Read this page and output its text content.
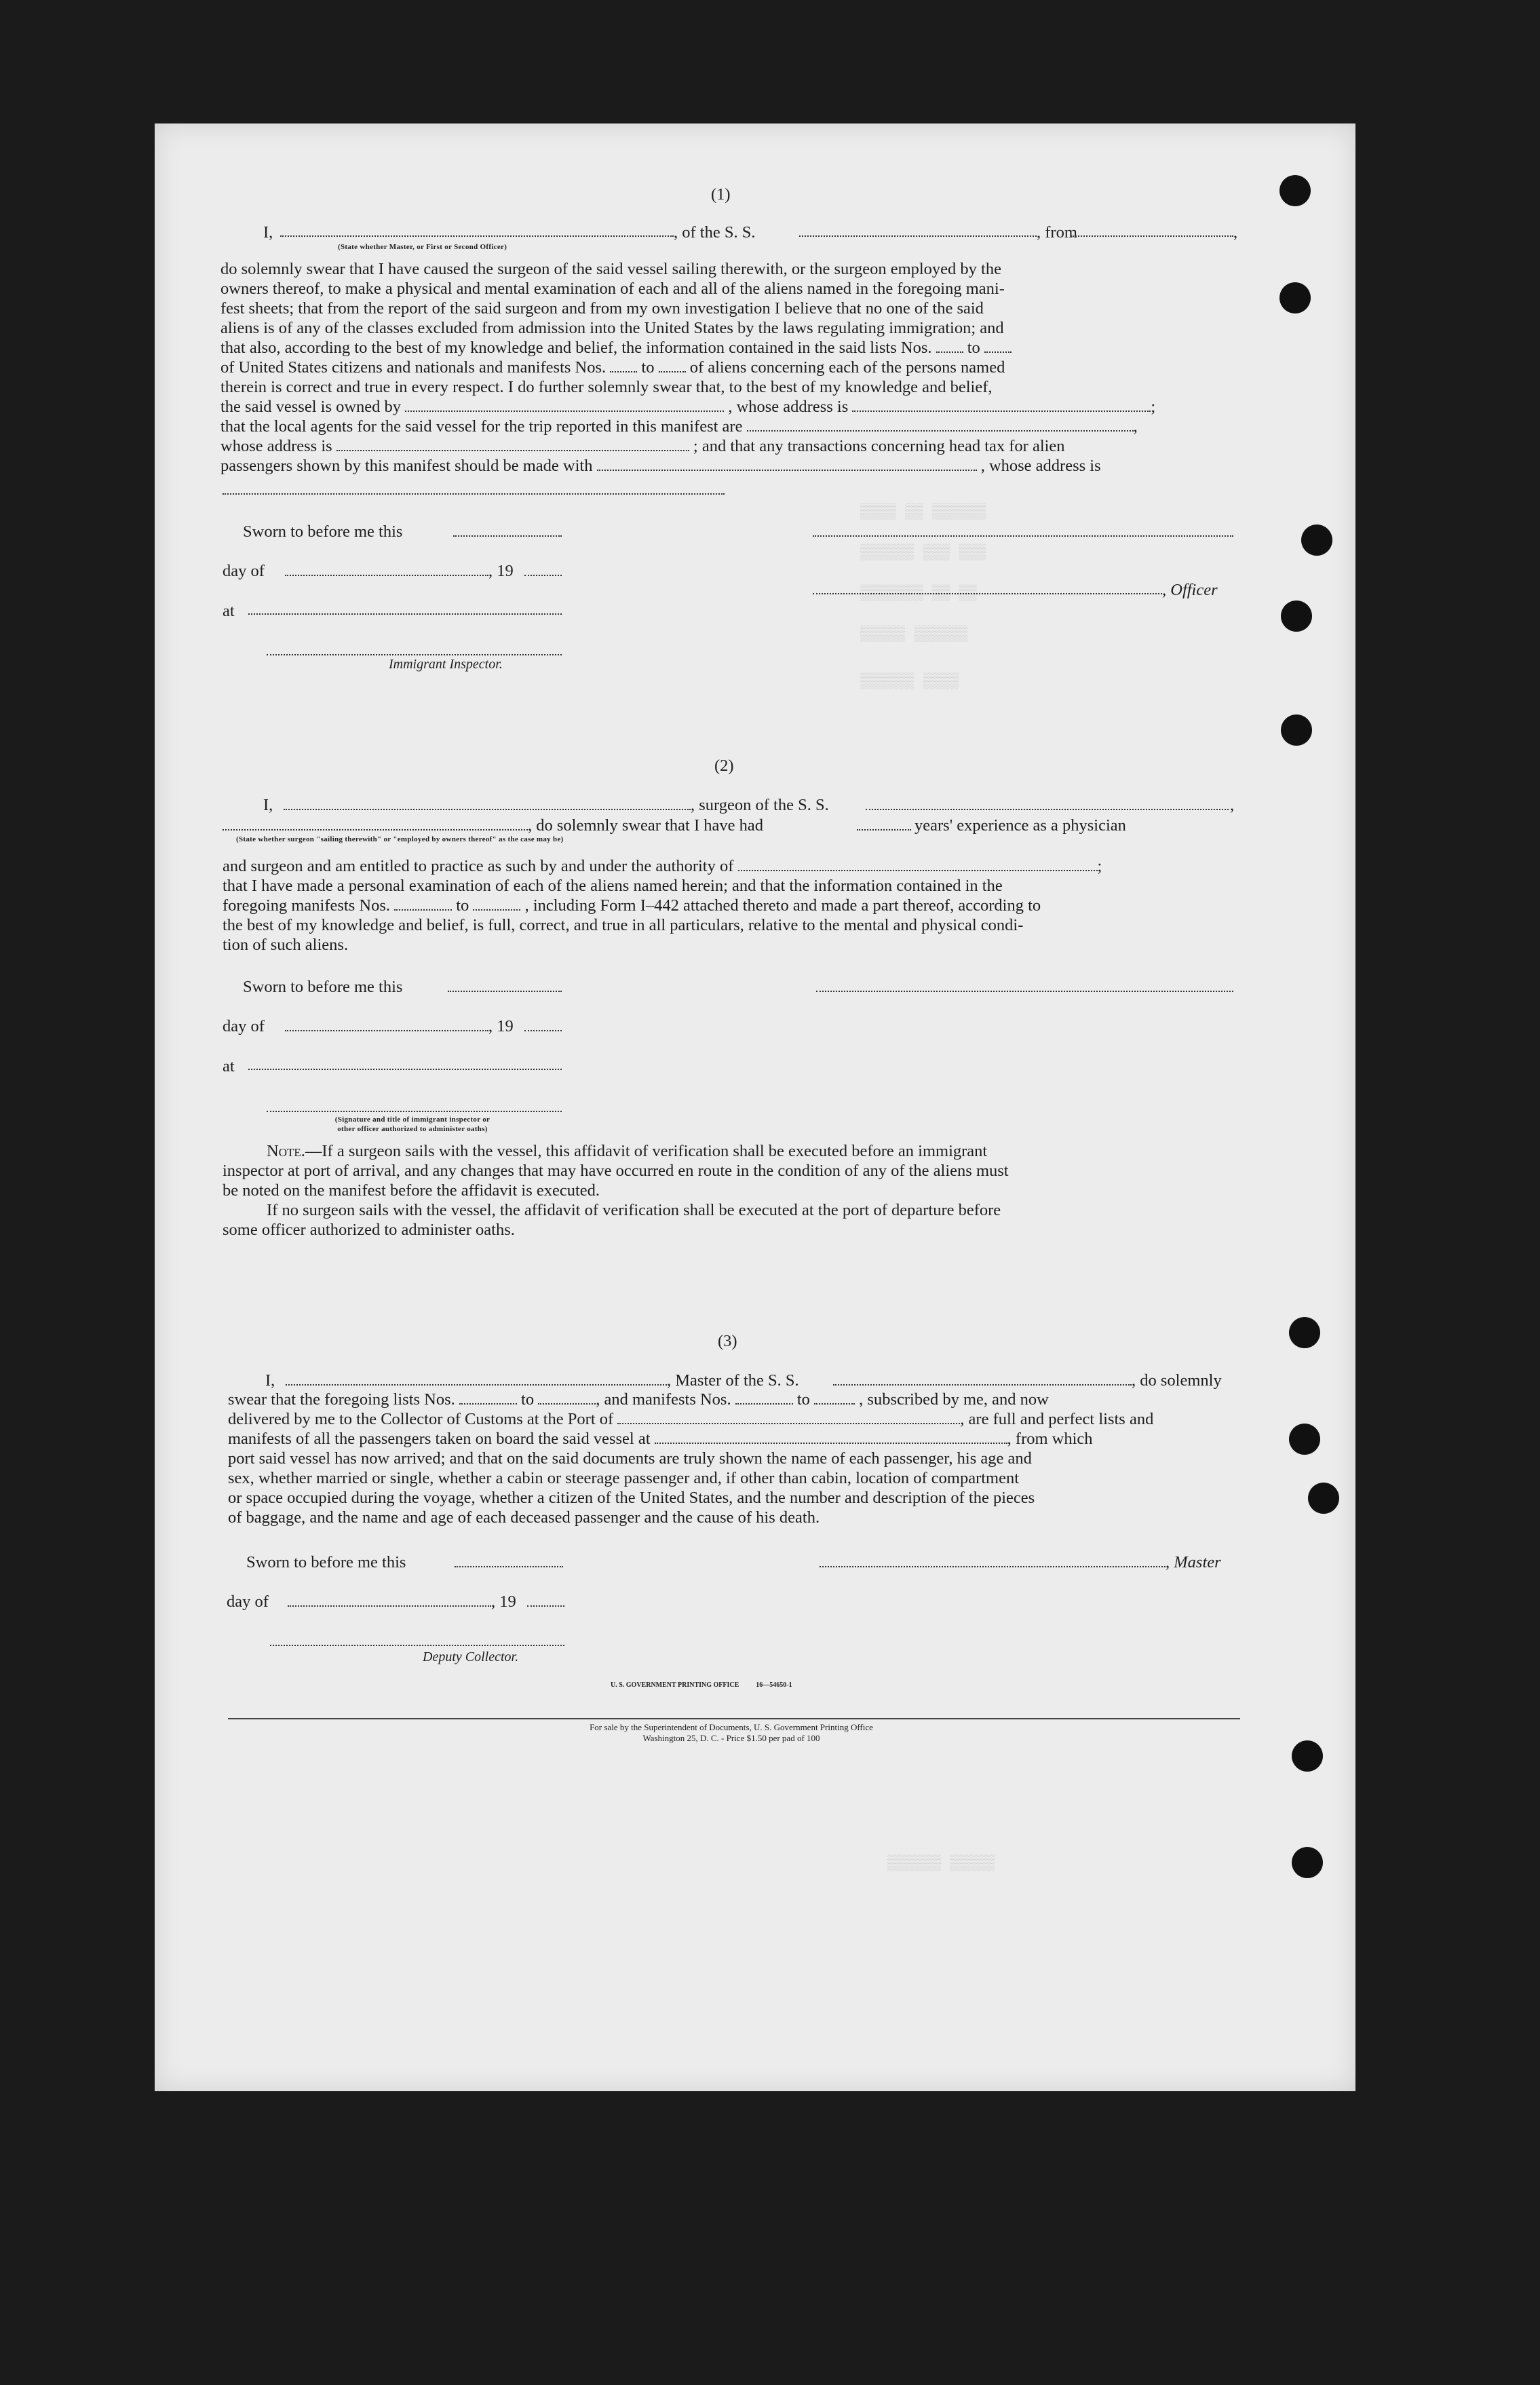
(1)
I,	, of the S. S.	, from	,
(State whether Master, or First or Second Officer)
do solemnly swear that I have caused the surgeon of the said vessel sailing therewith, or the surgeon employed by the
owners thereof, to make a physical and mental examination of each and all of the aliens named in the foregoing mani-
fest sheets; that from the report of the said surgeon and from my own investigation I believe that no one of the said
aliens is of any of the classes excluded from admission into the United States by the laws regulating immigration; and
that also, according to the best of my knowledge and belief, the information contained in the said lists Nos. to
of United States citizens and nationals and manifests Nos. to of aliens concerning each of the persons named
therein is correct and true in every respect. I do further solemnly swear that, to the best of my knowledge and belief,
the said vessel is owned by	, whose address is	;
that the local agents for the said vessel for the trip reported in this manifest are	,
whose address is	; and that any transactions concerning head tax for alien
passengers shown by this manifest should be made with	, whose address is
Sworn to before me this
day of	, 19
, Officer
at
Immigrant Inspector.
▒▒▒▒ ▒▒ ▒▒▒▒▒▒
▒▒▒▒▒▒ ▒▒▒ ▒▒▒
▒▒▒▒▒▒▒ ▒▒ ▒▒
▒▒▒▒▒ ▒▒▒▒▒▒
▒▒▒▒▒▒ ▒▒▒▒
(2)
I,	, surgeon of the S. S.	,
, do solemnly swear that I have had	years' experience as a physician
(State whether surgeon "sailing therewith" or "employed by owners thereof" as the case may be)
and surgeon and am entitled to practice as such by and under the authority of	;
that I have made a personal examination of each of the aliens named herein; and that the information contained in the
foregoing manifests Nos.	to	, including Form I–442 attached thereto and made a part thereof, according to
the best of my knowledge and belief, is full, correct, and true in all particulars, relative to the mental and physical condi-
tion of such aliens.
Sworn to before me this
day of	, 19
at
(Signature and title of immigrant inspector or
other officer authorized to administer oaths)
Note.—If a surgeon sails with the vessel, this affidavit of verification shall be executed before an immigrant
inspector at port of arrival, and any changes that may have occurred en route in the condition of any of the aliens must
be noted on the manifest before the affidavit is executed.
If no surgeon sails with the vessel, the affidavit of verification shall be executed at the port of departure before
some officer authorized to administer oaths.
(3)
I,	, Master of the S. S.	, do solemnly
swear that the foregoing lists Nos.	to	, and manifests Nos.	to	, subscribed by me, and now
delivered by me to the Collector of Customs at the Port of	, are full and perfect lists and
manifests of all the passengers taken on board the said vessel at	, from which
port said vessel has now arrived; and that on the said documents are truly shown the name of each passenger, his age and
sex, whether married or single, whether a cabin or steerage passenger and, if other than cabin, location of compartment
or space occupied during the voyage, whether a citizen of the United States, and the number and description of the pieces
of baggage, and the name and age of each deceased passenger and the cause of his death.
Sworn to before me this	, Master
day of	, 19
Deputy Collector.
U. S. GOVERNMENT PRINTING OFFICE          16—54650-1
For sale by the Superintendent of Documents, U. S. Government Printing Office
Washington 25, D. C. - Price $1.50 per pad of 100
▒▒▒▒▒▒ ▒▒▒▒▒
